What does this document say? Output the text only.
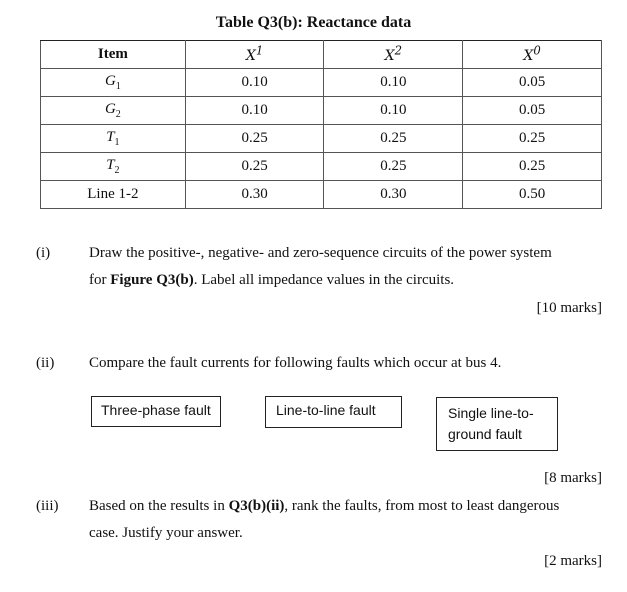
Table Q3(b): Reactance data
Item	$X^1$	$X^2$	$X^0$
$G_1$	0.10	0.10	0.05
$G_2$	0.10	0.10	0.05
$T_1$	0.25	0.25	0.25
$T_2$	0.25	0.25	0.25
Line 1-2	0.30	0.30	0.50
(i)	Draw the positive-, negative- and zero-sequence circuits of the power system
for Figure Q3(b). Label all impedance values in the circuits.
[10 marks]
(ii) Compare the fault currents for following faults which occur at bus 4.
Three-phase fault	Line-to-line fault	Single line-to-
ground fault
[8 marks]
(iii) Based on the results in Q3(b)(ii), rank the faults, from most to least dangerous
case. Justify your answer.
[2 marks]
